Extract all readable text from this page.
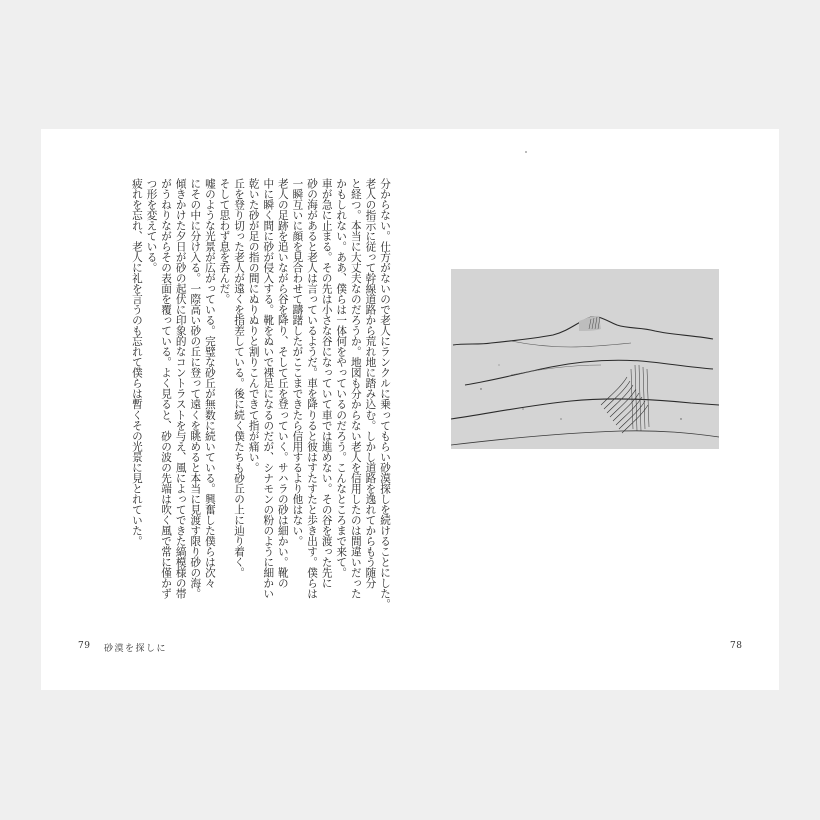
分からない。仕方がないので老人にランクルに乗ってもらい砂漠探しを続けることにした。
老人の指示に従って幹線道路から荒れ地に踏み込む。しかし道路を逸れてからもう随分
と経つ。本当に大丈夫なのだろうか。地図も分からない老人を信用したのは間違いだった
かもしれない。ああ、僕らは一体何をやっているのだろう。こんなところまで来て。
車が急に止まる。その先は小さな谷になっていて車では進めない。その谷を渡った先に
砂の海があると老人は言っているようだ。車を降りると彼はすたすたと歩き出す。僕らは
一瞬互いに顔を見合わせて躊躇したがここまできたら信用するより他はない。
老人の足跡を追いながら谷を降り、そして丘を登っていく。サハラの砂は細かい。靴の
中に瞬く間に砂が侵入する。靴をぬいで裸足になるのだが、シナモンの粉のように細かい
乾いた砂が足の指の間にぬりぬりと割りこんできて指が痛い。
丘を登り切った老人が遠くを指差している。後に続く僕たちも砂丘の上に辿り着く。
そして思わず息を呑んだ。
嘘のような光景が広がっている。完璧な砂丘が無数に続いている。興奮した僕らは次々
にその中に分け入る。一際高い砂の丘に登って遠くを眺めると本当に見渡す限り砂の海。
傾きかけた夕日が砂の起伏に印象的なコントラストを与え、風によってできた縞模様の帯
がうねりながらその表面を覆っている。よく見ると、砂の波の先端は吹く風で常に僅かず
つ形を変えている。
疲れを忘れ、老人に礼を言うのも忘れて僕らは暫くその光景に見とれていた。
79 砂漠を探しに	78
